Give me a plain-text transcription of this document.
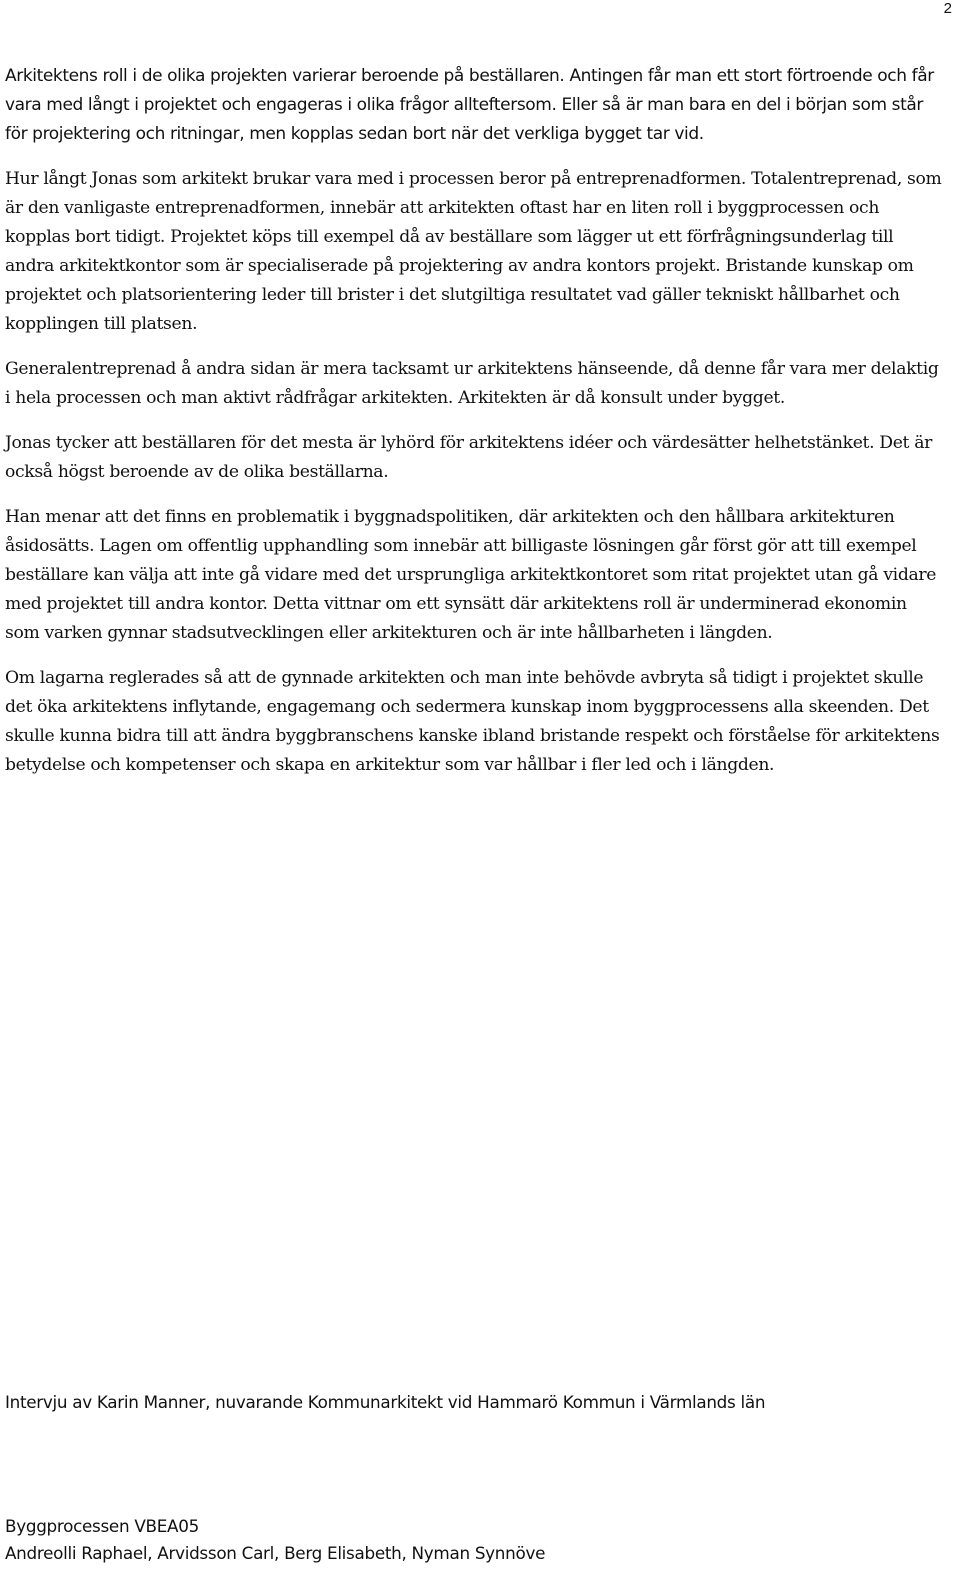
2

Arkitektens roll i de olika projekten varierar beroende på beställaren. Antingen får man ett stort förtroende och får vara med långt i projektet och engageras i olika frågor allteftersom. Eller så är man bara en del i början som står för projektering och ritningar, men kopplas sedan bort när det verkliga bygget tar vid.

Hur långt Jonas som arkitekt brukar vara med i processen beror på entreprenadformen. Totalentreprenad, som är den vanligaste entreprenadformen, innebär att arkitekten oftast har en liten roll i byggprocessen och kopplas bort tidigt. Projektet köps till exempel då av beställare som lägger ut ett förfrågningsunderlag till andra arkitektkontor som är specialiserade på projektering av andra kontors projekt. Bristande kunskap om projektet och platsorientering leder till brister i det slutgiltiga resultatet vad gäller tekniskt hållbarhet och kopplingen till platsen.

Generalentreprenad å andra sidan är mera tacksamt ur arkitektens hänseende, då denne får vara mer delaktig i hela processen och man aktivt rådfrågar arkitekten. Arkitekten är då konsult under bygget.

Jonas tycker att beställaren för det mesta är lyhörd för arkitektens idéer och värdesätter helhetstänket. Det är också högst beroende av de olika beställarna.

Han menar att det finns en problematik i byggnadspolitiken, där arkitekten och den hållbara arkitekturen åsidosätts. Lagen om offentlig upphandling som innebär att billigaste lösningen går först gör att till exempel beställare kan välja att inte gå vidare med det ursprungliga arkitektkontoret som ritat projektet utan gå vidare med projektet till andra kontor. Detta vittnar om ett synsätt där arkitektens roll är underminerad ekonomin som varken gynnar stadsutvecklingen eller arkitekturen och är inte hållbarheten i längden.

Om lagarna reglerades så att de gynnade arkitekten och man inte behövde avbryta så tidigt i projektet skulle det öka arkitektens inflytande, engagemang och sedermera kunskap inom byggprocessens alla skeenden. Det skulle kunna bidra till att ändra byggbranschens kanske ibland bristande respekt och förståelse för arkitektens betydelse och kompetenser och skapa en arkitektur som var hållbar i fler led och i längden.

Intervju av Karin Manner, nuvarande Kommunarkitekt vid Hammarö Kommun i Värmlands län
Byggprocessen VBEA05
Andreolli Raphael, Arvidsson Carl, Berg Elisabeth, Nyman Synnöve
